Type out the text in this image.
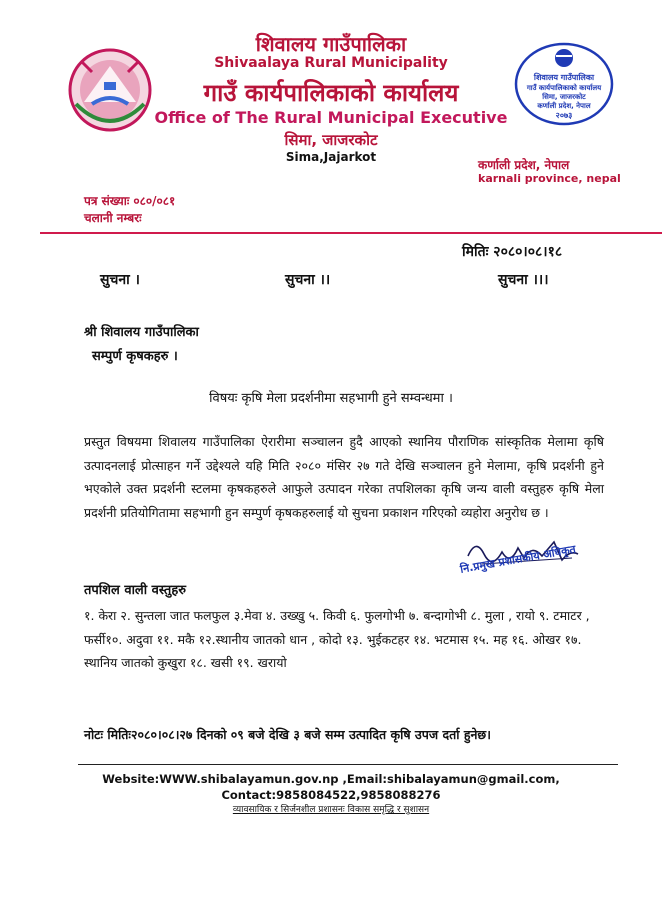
शिवालय गाउँपालिका
Shivaalaya Rural Municipality
गाउँ कार्यपालिकाको कार्यालय
Office of The Rural Municipal Executive
सिमा, जाजरकोट
Sima,Jajarkot
शिवालय गाउँपालिका
गाउँ कार्यपालिकाको कार्यालय
सिमा, जाजरकोट
कर्णाली प्रदेश, नेपाल
२०७३
कर्णाली प्रदेश, नेपाल
karnali province, nepal
पत्र संख्याः ०८०/०८१
चलानी नम्बरः
मितिः २०८०।०८।१८
सुचना ।	सुचना ।।	सुचना ।।।
श्री शिवालय गाउँपालिका
सम्पुर्ण कृषकहरु ।
विषयः कृषि मेला प्रदर्शनीमा सहभागी हुने सम्वन्धमा ।
प्रस्तुत विषयमा शिवालय गाउँपालिका ऐरारीमा सञ्चालन हुदै आएको स्थानिय पौराणिक सांस्कृतिक मेलामा कृषि उत्पादनलाई प्रोत्साहन गर्ने उद्देश्यले यहि मिति २०८० मंसिर २७ गते देखि सञ्चालन हुने मेलामा, कृषि प्रदर्शनी हुने भएकोले उक्त प्रदर्शनी स्टलमा कृषकहरुले आफुले उत्पादन गरेका तपशिलका कृषि जन्य वाली वस्तुहरु कृषि मेला प्रदर्शनी प्रतियोगितामा सहभागी हुन सम्पुर्ण कृषकहरुलाई यो सुचना प्रकाशन गरिएको व्यहोरा अनुरोध छ ।
नि.प्रमुख प्रशासकीय अधिकृत
तपशिल वाली वस्तुहरु
१. केरा २. सुन्तला जात फलफुल ३.मेवा ४. उख्खु ५. किवी ६. फुलगोभी ७. बन्दागोभी ८. मुला , रायो ९. टमाटर , फर्सी१०. अदुवा ११. मकै १२.स्थानीय जातको धान , कोदो १३. भुईकटहर १४. भटमास १५. मह १६. ओखर १७. स्थानिय जातको कुखुरा १८. खसी १९. खरायो
नोटः मितिः२०८०।०८।२७ दिनको ०९ बजे देखि ३ बजे सम्म उत्पादित कृषि उपज दर्ता हुनेछ।
Website:WWW.shibalayamun.gov.np ,Email:shibalayamun@gmail.com,
Contact:9858084522,9858088276
व्यावसायिक र सिर्जनशील प्रशासनः विकास समृद्धि र सुशासन
